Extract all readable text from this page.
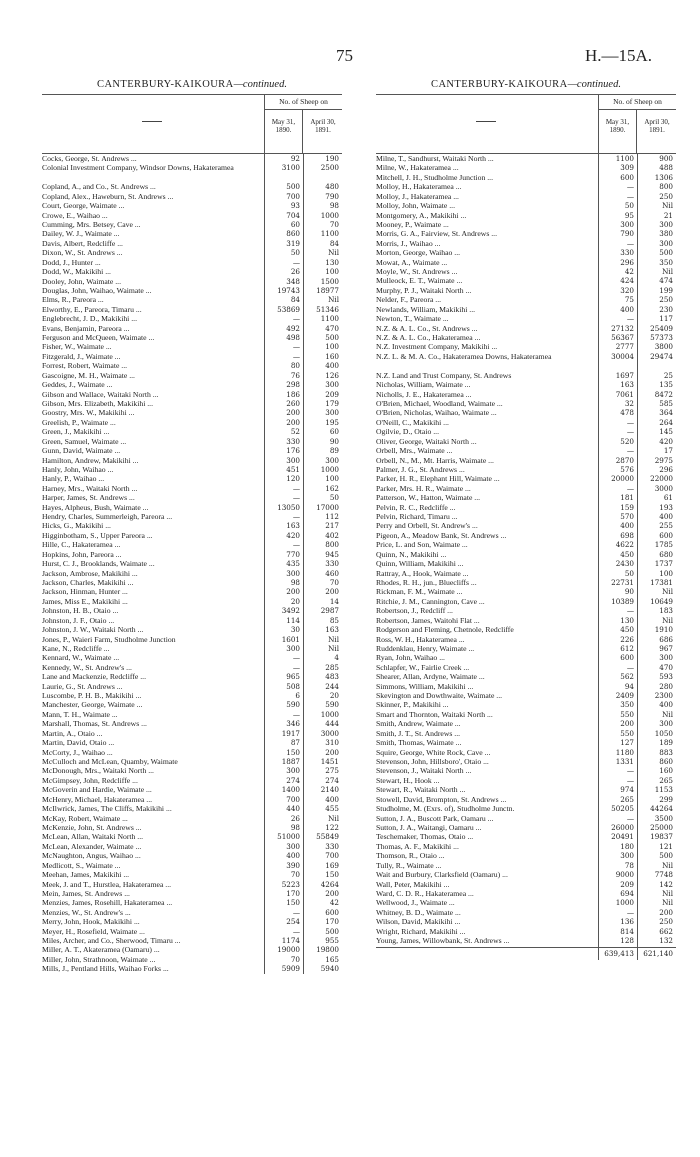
75	H.—15A.
CANTERBURY-KAIKOURA—continued.
No. of Sheep on
May 31, 1890.
April 30, 1891.
Cocks, George, St. Andrews ...	92	190
Colonial Investment Company, Windsor Downs, Hakateramea	3100	2500
Copland, A., and Co., St. Andrews ...	500	480
Copland, Alex., Haweburn, St. Andrews ...	700	790
Court, George, Waimate ...	93	98
Crowe, E., Waihao ...	704	1000
Cumming, Mrs. Betsey, Cave ...	60	70
Dailey, W. J., Waimate ...	860	1100
Davis, Albert, Redcliffe ...	319	84
Dixon, W., St. Andrews ...	50	Nil
Dodd, J., Hunter ...	—	130
Dodd, W., Makikihi ...	26	100
Dooley, John, Waimate ...	348	1500
Douglas, John, Waihao, Waimate ...	19743	18977
Elms, R., Pareora ...	84	Nil
Elworthy, E., Pareora, Timaru ...	53869	51346
Englebrecht, J. D., Makikihi ...	—	1100
Evans, Benjamin, Pareora ...	492	470
Ferguson and McQueen, Waimate ...	498	500
Fisher, W., Waimate ...	—	100
Fitzgerald, J., Waimate ...	—	160
Forrest, Robert, Waimate ...	80	400
Gascoigne, M. H., Waimate ...	76	126
Geddes, J., Waimate ...	298	300
Gibson and Wallace, Waitaki North ...	186	209
Gibson, Mrs. Elizabeth, Makikihi ...	260	179
Goostry, Mrs. W., Makikihi ...	200	300
Greelish, P., Waimate ...	200	195
Green, J., Makikihi ...	52	60
Green, Samuel, Waimate ...	330	90
Gunn, David, Waimate ...	176	89
Hamilton, Andrew, Makikihi ...	300	300
Hanly, John, Waihao ...	451	1000
Hanly, P., Waihao ...	120	100
Harney, Mrs., Waitaki North ...	—	162
Harper, James, St. Andrews ...	—	50
Hayes, Alpheus, Bush, Waimate ...	13050	17000
Hendry, Charles, Summerleigh, Pareora ...	—	112
Hicks, G., Makikihi ...	163	217
Higginbotham, S., Upper Pareora ...	420	402
Hille, C., Hakateramea ...	—	800
Hopkins, John, Pareora ...	770	945
Hurst, C. J., Brooklands, Waimate ...	435	330
Jackson, Ambrose, Makikihi ...	300	460
Jackson, Charles, Makikihi ...	98	70
Jackson, Hinman, Hunter ...	200	200
James, Miss E., Makikihi ...	20	14
Johnston, H. B., Otaio ...	3492	2987
Johnston, J. F., Otaio ...	114	85
Johnston, J. W., Waitaki North ...	30	163
Jones, P., Waieri Farm, Studholme Junction	1601	Nil
Kane, N., Redcliffe ...	300	Nil
Kennard, W., Waimate ...	—	4
Kennedy, W., St. Andrew's ...	—	285
Lane and Mackenzie, Redcliffe ...	965	483
Laurie, G., St. Andrews ...	508	244
Luscombe, P. H. B., Makikihi ...	6	20
Manchester, George, Waimate ...	590	590
Mann, T. H., Waimate ...	—	1000
Marshall, Thomas, St. Andrews ...	346	444
Martin, A., Otaio ...	1917	3000
Martin, David, Otaio ...	87	310
McCorty, J., Waihao ...	150	200
McCulloch and McLean, Quamby, Waimate	1887	1451
McDonough, Mrs., Waitaki North ...	300	275
McGimpsey, John, Redcliffe ...	274	274
McGoverin and Hardie, Waimate ...	1400	2140
McHenry, Michael, Hakateramea ...	700	400
McIlwrick, James, The Cliffs, Makikihi ...	440	455
McKay, Robert, Waimate ...	26	Nil
McKenzie, John, St. Andrews ...	98	122
McLean, Allan, Waitaki North ...	51000	55849
McLean, Alexander, Waimate ...	300	330
McNaughton, Angus, Waihao ...	400	700
Medlicott, S., Waimate ...	390	169
Meehan, James, Makikihi ...	70	150
Meek, J. and T., Hurstlea, Hakateramea ...	5223	4264
Mein, James, St. Andrews ...	170	200
Menzies, James, Rosehill, Hakateramea ...	150	42
Menzies, W., St. Andrew's ...	—	600
Merry, John, Hook, Makikihi ...	254	170
Meyer, H., Rosefield, Waimate ...	—	500
Miles, Archer, and Co., Sherwood, Timaru ...	1174	955
Miller, A. T., Akateramea (Oamaru) ...	19000	19800
Miller, John, Strathnoon, Waimate ...	70	165
Mills, J., Pentland Hills, Waihao Forks ...	5909	5940
CANTERBURY-KAIKOURA—continued.
No. of Sheep on
May 31, 1890.
April 30, 1891.
Milne, T., Sandhurst, Waitaki North ...	1100	900
Milne, W., Hakateramea ...	309	488
Mitchell, J. H., Studholme Junction ...	600	1306
Molloy, H., Hakateramea ...	—	800
Molloy, J., Hakateramea ...	—	250
Molloy, John, Waimate ...	50	Nil
Montgomery, A., Makikihi ...	95	21
Mooney, P., Waimate ...	300	300
Morris, G. A., Fairview, St. Andrews ...	790	380
Morris, J., Waihao ...	—	300
Morton, George, Waihao ...	330	500
Mowat, A., Waimate ...	296	350
Moyle, W., St. Andrews ...	42	Nil
Mulleock, E. T., Waimate ...	424	474
Murphy, P. J., Waitaki North ...	320	199
Nelder, F., Pareora ...	75	250
Newlands, William, Makikihi ...	400	230
Newton, T., Waimate ...	—	117
N.Z. & A. L. Co., St. Andrews ...	27132	25409
N.Z. & A. L. Co., Hakateramea ...	56367	57373
N.Z. Investment Company, Makikihi ...	2777	3800
N.Z. L. & M. A. Co., Hakateramea Downs, Hakateramea	30004	29474
N.Z. Land and Trust Company, St. Andrews	1697	25
Nicholas, William, Waimate ...	163	135
Nicholls, J. E., Hakateramea ...	7061	8472
O'Brien, Michael, Woodland, Waimate ...	32	585
O'Brien, Nicholas, Waihao, Waimate ...	478	364
O'Neill, C., Makikihi ...	—	264
Ogilvie, D., Otaio ...	—	145
Oliver, George, Waitaki North ...	520	420
Orbell, Mrs., Waimate ...	—	17
Orbell, N., M., Mt. Harris, Waimate ...	2870	2975
Palmer, J. G., St. Andrews ...	576	296
Parker, H. R., Elephant Hill, Waimate ...	20000	22000
Parker, Mrs. H. R., Waimate ...	—	3000
Patterson, W., Hatton, Waimate ...	181	61
Pelvin, R. C., Redcliffe ...	159	193
Pelvin, Richard, Timaru ...	570	400
Perry and Orbell, St. Andrew's ...	400	255
Pigeon, A., Meadow Bank, St. Andrews ...	698	600
Price, L. and Son, Waimate ...	4622	1785
Quinn, N., Makikihi ...	450	680
Quinn, William, Makikihi ...	2430	1737
Rattray, A., Hook, Waimate ...	50	100
Rhodes, R. H., jun., Bluecliffs ...	22731	17381
Rickman, F. M., Waimate ...	90	Nil
Ritchie, J. M., Cannington, Cave ...	10389	10649
Robertson, J., Redcliff ...	—	183
Robertson, James, Waitohi Flat ...	130	Nil
Rodgerson and Fleming, Chetnole, Redcliffe	450	1910
Ross, W. H., Hakateramea ...	226	686
Ruddenklau, Henry, Waimate ...	612	967
Ryan, John, Waihao ...	600	300
Schlapfer, W., Fairlie Creek ...	—	470
Shearer, Allan, Ardyne, Waimate ...	562	593
Simmons, William, Makikihi ...	94	280
Skevington and Dowthwaite, Waimate ...	2409	2300
Skinner, P., Makikihi ...	350	400
Smart and Thornton, Waitaki North ...	550	Nil
Smith, Andrew, Waimate ...	200	300
Smith, J. T., St. Andrews ...	550	1050
Smith, Thomas, Waimate ...	127	189
Squire, George, White Rock, Cave ...	1180	883
Stevenson, John, Hillsboro', Otaio ...	1331	860
Stevenson, J., Waitaki North ...	—	160
Stewart, H., Hook ...	—	265
Stewart, R., Waitaki North ...	974	1153
Stowell, David, Brompton, St. Andrews ...	265	299
Studholme, M. (Exrs. of), Studholme Junctn.	50205	44264
Sutton, J. A., Buscott Park, Oamaru ...	—	3500
Sutton, J. A., Waitangi, Oamaru ...	26000	25000
Teschemaker, Thomas, Otaio ...	20491	19837
Thomas, A. F., Makikihi ...	180	121
Thomson, R., Otaio ...	300	500
Tully, R., Waimate ...	78	Nil
Wait and Burbury, Clarksfield (Oamaru) ...	9000	7748
Wall, Peter, Makikihi ...	209	142
Ward, C. D. R., Hakateramea ...	694	Nil
Wellwood, J., Waimate ...	1000	Nil
Whitney, B. D., Waimate ...	—	200
Wilson, David, Makikihi ...	136	250
Wright, Richard, Makikihi ...	814	662
Young, James, Willowbank, St. Andrews ...	128	132
639,413	621,140
